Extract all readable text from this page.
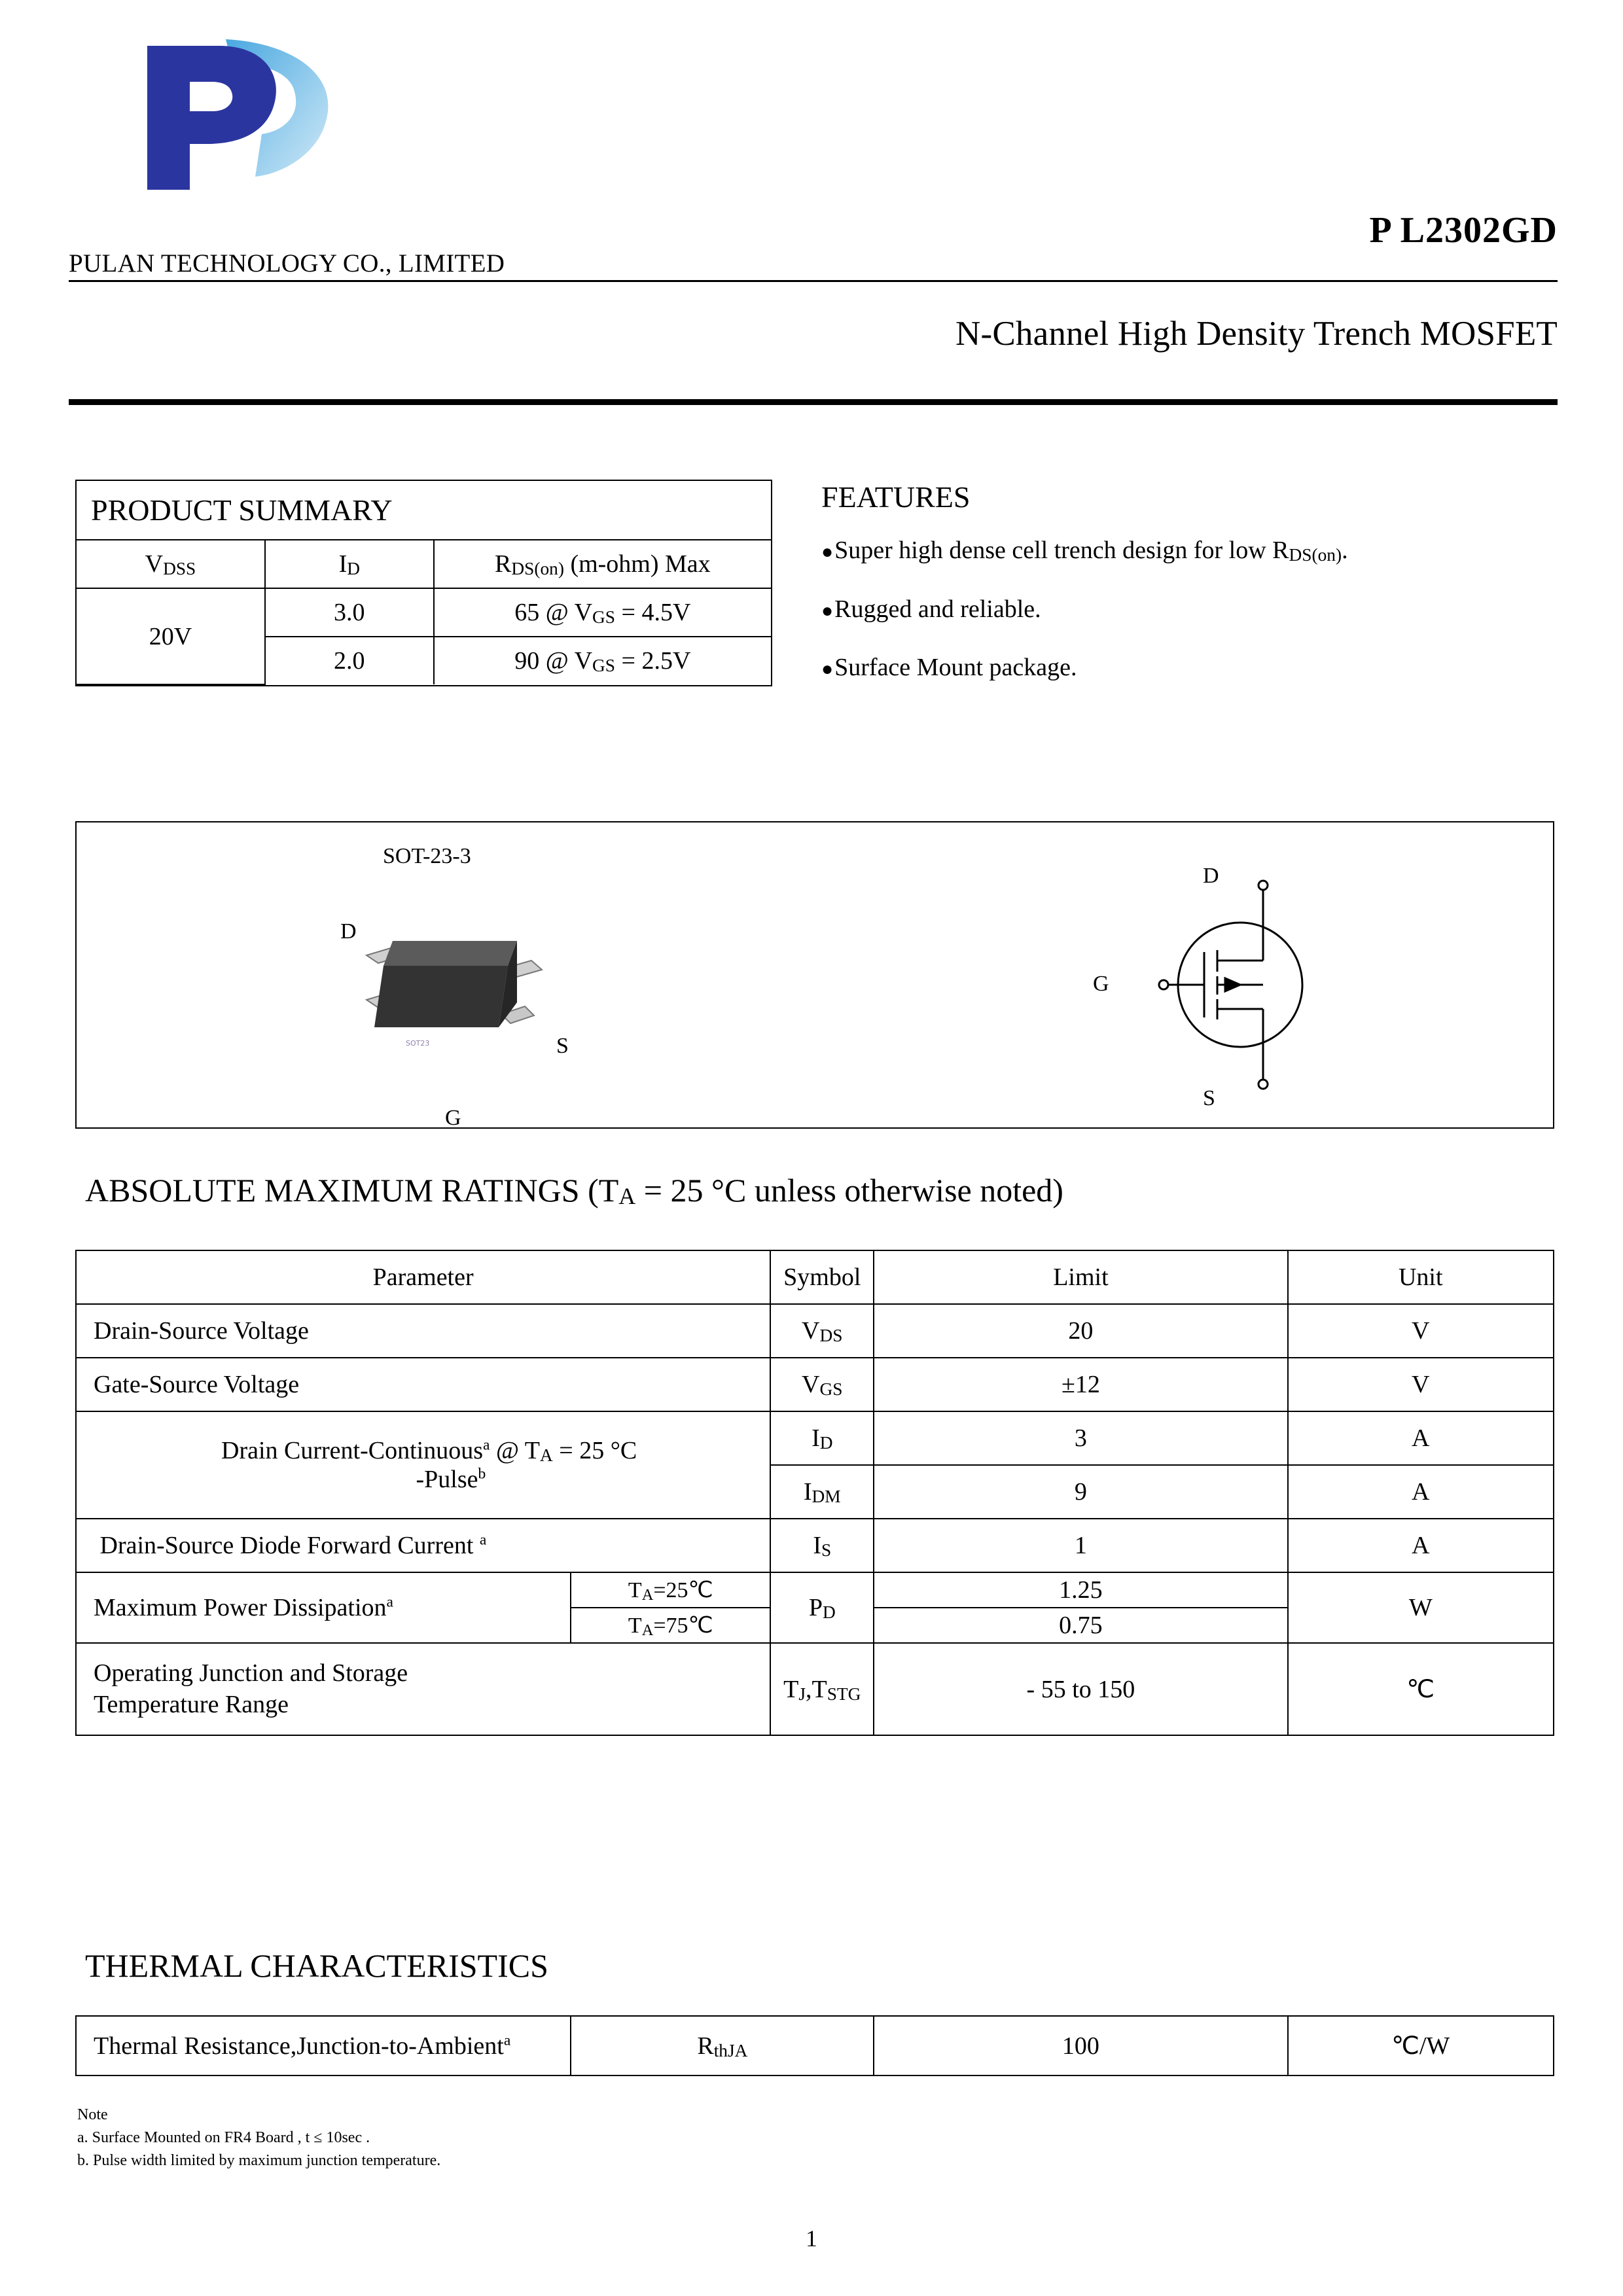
PULAN TECHNOLOGY CO., LIMITED
P L2302GD
N-Channel High Density Trench MOSFET
PRODUCT SUMMARY
VDSS	ID	RDS(on) (m-ohm) Max
20V	3.0	65 @ VGS = 4.5V
	2.0	90 @ VGS = 2.5V
FEATURES
●Super high dense cell trench design for low RDS(on).
●Rugged and reliable.
●Surface Mount package.
SOT-23-3
D
S
G
SOT23
D
G
S
ABSOLUTE MAXIMUM RATINGS (TA = 25 °C unless otherwise noted)
Parameter		Symbol	Limit	Unit
Drain-Source Voltage		VDS	20	V
Gate-Source Voltage		VGS	±12	V
Drain Current-Continuous$^a$ @ TA = 25 °C
-Pulse$^b$		ID	3	A
		IDM	9	A
Drain-Source Diode Forward Current $^a$		IS	1	A
Maximum Power Dissipation$^a$	TA=25℃	PD	1.25	W
	TA=75℃		0.75	
Operating Junction and Storage
Temperature Range		TJ,TSTG	- 55 to 150	℃
THERMAL CHARACTERISTICS
Thermal Resistance,Junction-to-Ambient$^a$	RthJA	100	℃/W
Note
a. Surface Mounted on FR4 Board , t ≤ 10sec .
b. Pulse width limited by maximum junction temperature.
1
